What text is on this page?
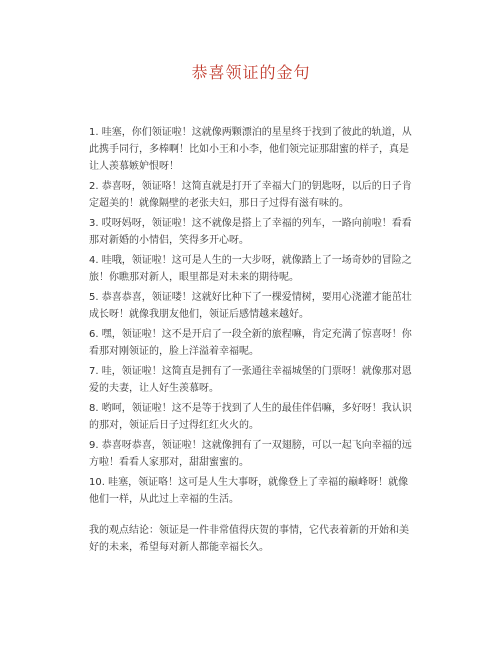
恭喜领证的金句

1. 哇塞，你们领证啦！这就像两颗漂泊的星星终于找到了彼此的轨道，从此携手同行，多棒啊！比如小王和小李，他们领完证那甜蜜的样子，真是让人羡慕嫉妒恨呀！

2. 恭喜呀，领证咯！这简直就是打开了幸福大门的钥匙呀，以后的日子肯定超美的！就像隔壁的老张夫妇，那日子过得有滋有味的。

3. 哎呀妈呀，领证啦！这不就像是搭上了幸福的列车，一路向前啦！看看那对新婚的小情侣，笑得多开心呀。

4. 哇哦，领证啦！这可是人生的一大步呀，就像踏上了一场奇妙的冒险之旅！你瞧那对新人，眼里都是对未来的期待呢。

5. 恭喜恭喜，领证喽！这就好比种下了一棵爱情树，要用心浇灌才能茁壮成长呀！就像我朋友他们，领证后感情越来越好。

6. 嘿，领证啦！这不是开启了一段全新的旅程嘛，肯定充满了惊喜呀！你看那对刚领证的，脸上洋溢着幸福呢。

7. 哇，领证啦！这简直是拥有了一张通往幸福城堡的门票呀！就像那对恩爱的夫妻，让人好生羡慕呀。

8. 哟呵，领证啦！这不是等于找到了人生的最佳伴侣嘛，多好呀！我认识的那对，领证后日子过得红红火火的。

9. 恭喜呀恭喜，领证啦！这就像拥有了一双翅膀，可以一起飞向幸福的远方啦！看看人家那对，甜甜蜜蜜的。

10. 哇塞，领证咯！这可是人生大事呀，就像登上了幸福的巅峰呀！就像他们一样，从此过上幸福的生活。

我的观点结论：领证是一件非常值得庆贺的事情，它代表着新的开始和美好的未来，希望每对新人都能幸福长久。
